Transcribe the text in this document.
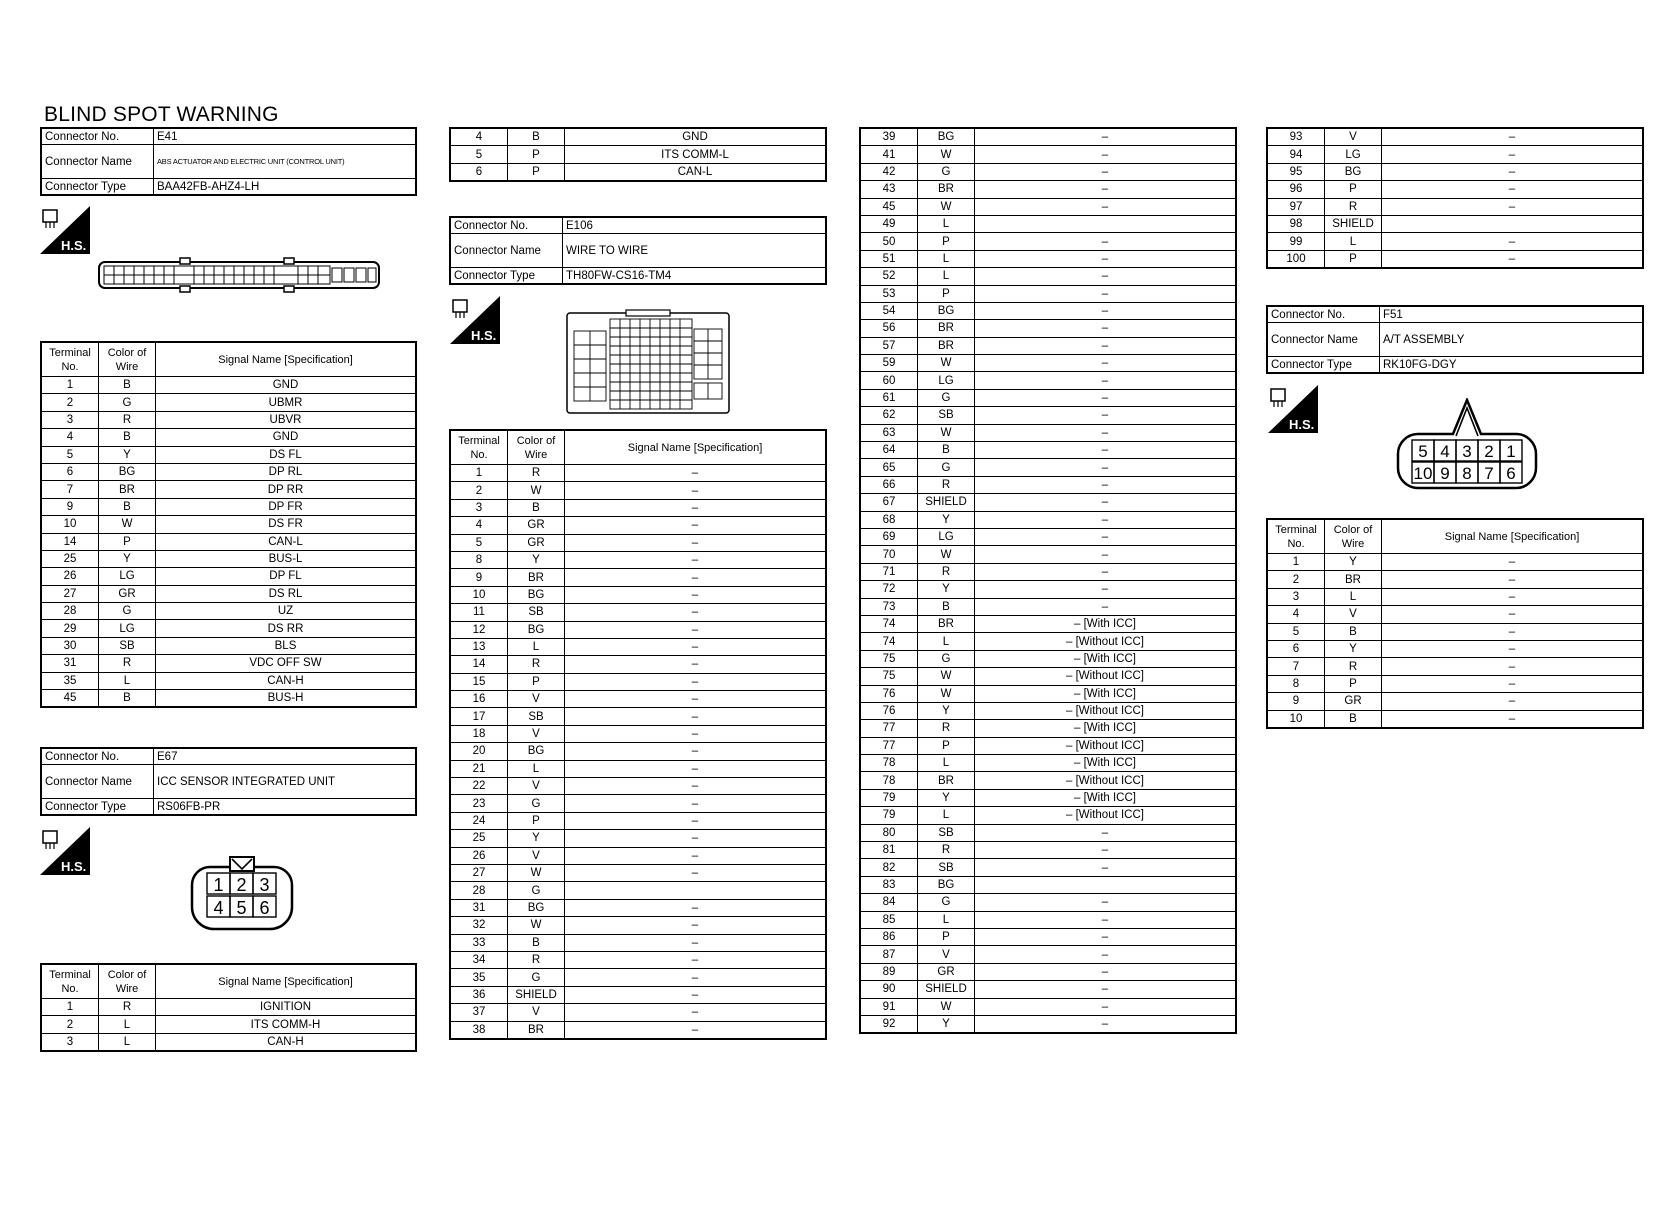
BLIND SPOT WARNING
Connector No.	E41
Connector Name	ABS ACTUATOR AND ELECTRIC UNIT (CONTROL UNIT)
Connector Type	BAA42FB-AHZ4-LH
H.S.
Terminal No.	Color of Wire	Signal Name [Specification]
1	B	GND
2	G	UBMR
3	R	UBVR
4	B	GND
5	Y	DS FL
6	BG	DP RL
7	BR	DP RR
9	B	DP FR
10	W	DS FR
14	P	CAN-L
25	Y	BUS-L
26	LG	DP FL
27	GR	DS RL
28	G	UZ
29	LG	DS RR
30	SB	BLS
31	R	VDC OFF SW
35	L	CAN-H
45	B	BUS-H
Connector No.	E67
Connector Name	ICC SENSOR INTEGRATED UNIT
Connector Type	RS06FB-PR
H.S.
1 2 3
4 5 6
Terminal No.	Color of Wire	Signal Name [Specification]
1	R	IGNITION
2	L	ITS COMM-H
3	L	CAN-H
4	B	GND
5	P	ITS COMM-L
6	P	CAN-L
Connector No.	E106
Connector Name	WIRE TO WIRE
Connector Type	TH80FW-CS16-TM4
H.S.
Terminal No.	Color of Wire	Signal Name [Specification]
1	R	–
2	W	–
3	B	–
4	GR	–
5	GR	–
8	Y	–
9	BR	–
10	BG	–
11	SB	–
12	BG	–
13	L	–
14	R	–
15	P	–
16	V	–
17	SB	–
18	V	–
20	BG	–
21	L	–
22	V	–
23	G	–
24	P	–
25	Y	–
26	V	–
27	W	–
28	G	
31	BG	–
32	W	–
33	B	–
34	R	–
35	G	–
36	SHIELD	–
37	V	–
38	BR	–
39	BG	–
41	W	–
42	G	–
43	BR	–
45	W	–
49	L	
50	P	–
51	L	–
52	L	–
53	P	–
54	BG	–
56	BR	–
57	BR	–
59	W	–
60	LG	–
61	G	–
62	SB	–
63	W	–
64	B	–
65	G	–
66	R	–
67	SHIELD	–
68	Y	–
69	LG	–
70	W	–
71	R	–
72	Y	–
73	B	–
74	BR	– [With ICC]
74	L	– [Without ICC]
75	G	– [With ICC]
75	W	– [Without ICC]
76	W	– [With ICC]
76	Y	– [Without ICC]
77	R	– [With ICC]
77	P	– [Without ICC]
78	L	– [With ICC]
78	BR	– [Without ICC]
79	Y	– [With ICC]
79	L	– [Without ICC]
80	SB	–
81	R	–
82	SB	–
83	BG	
84	G	–
85	L	–
86	P	–
87	V	–
89	GR	–
90	SHIELD	–
91	W	–
92	Y	–
93	V	–
94	LG	–
95	BG	–
96	P	–
97	R	–
98	SHIELD	
99	L	–
100	P	–
Connector No.	F51
Connector Name	A/T ASSEMBLY
Connector Type	RK10FG-DGY
H.S.
5 4 3 2 1
10 9 8 7 6
Terminal No.	Color of Wire	Signal Name [Specification]
1	Y	–
2	BR	–
3	L	–
4	V	–
5	B	–
6	Y	–
7	R	–
8	P	–
9	GR	–
10	B	–
